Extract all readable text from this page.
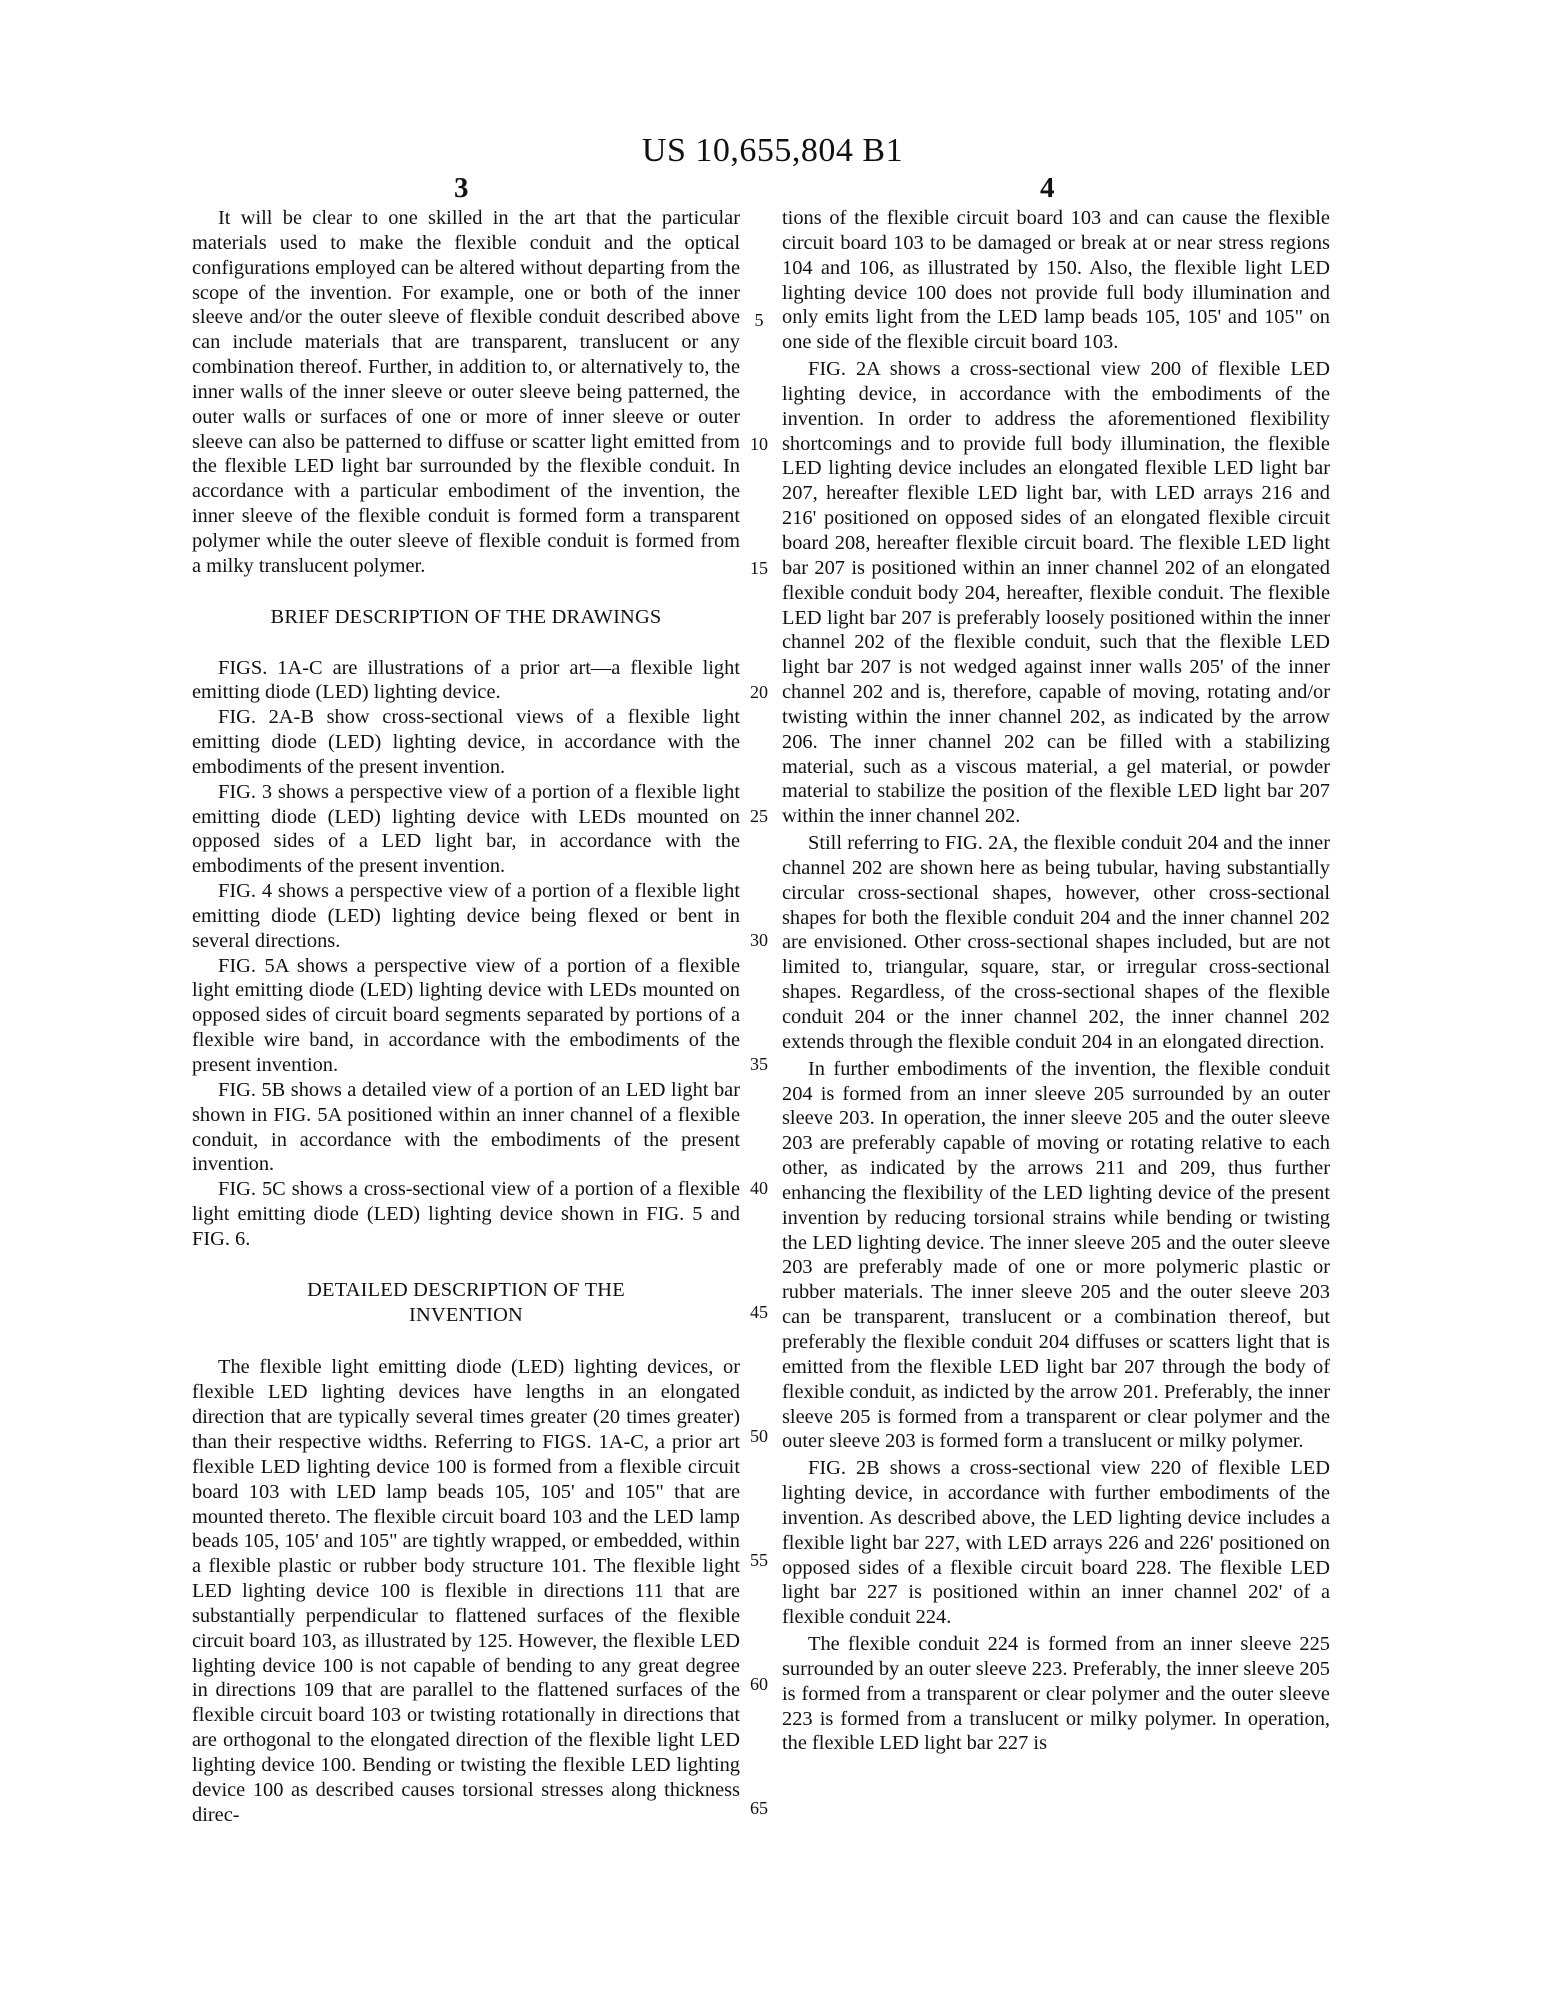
US 10,655,804 B1
3	4

It will be clear to one skilled in the art that the particular materials used to make the flexible conduit and the optical configurations employed can be altered without departing from the scope of the invention. For example, one or both of the inner sleeve and/or the outer sleeve of flexible conduit described above can include materials that are transparent, translucent or any combination thereof. Further, in addition to, or alternatively to, the inner walls of the inner sleeve or outer sleeve being patterned, the outer walls or surfaces of one or more of inner sleeve or outer sleeve can also be patterned to diffuse or scatter light emitted from the flexible LED light bar surrounded by the flexible conduit. In accordance with a particular embodiment of the invention, the inner sleeve of the flexible conduit is formed form a transparent polymer while the outer sleeve of flexible conduit is formed from a milky translucent polymer.

BRIEF DESCRIPTION OF THE DRAWINGS

FIGS. 1A-C are illustrations of a prior art—a flexible light emitting diode (LED) lighting device.

FIG. 2A-B show cross-sectional views of a flexible light emitting diode (LED) lighting device, in accordance with the embodiments of the present invention.

FIG. 3 shows a perspective view of a portion of a flexible light emitting diode (LED) lighting device with LEDs mounted on opposed sides of a LED light bar, in accordance with the embodiments of the present invention.

FIG. 4 shows a perspective view of a portion of a flexible light emitting diode (LED) lighting device being flexed or bent in several directions.

FIG. 5A shows a perspective view of a portion of a flexible light emitting diode (LED) lighting device with LEDs mounted on opposed sides of circuit board segments separated by portions of a flexible wire band, in accordance with the embodiments of the present invention.

FIG. 5B shows a detailed view of a portion of an LED light bar shown in FIG. 5A positioned within an inner channel of a flexible conduit, in accordance with the embodiments of the present invention.

FIG. 5C shows a cross-sectional view of a portion of a flexible light emitting diode (LED) lighting device shown in FIG. 5 and FIG. 6.

DETAILED DESCRIPTION OF THE
INVENTION

The flexible light emitting diode (LED) lighting devices, or flexible LED lighting devices have lengths in an elongated direction that are typically several times greater (20 times greater) than their respective widths. Referring to FIGS. 1A-C, a prior art flexible LED lighting device 100 is formed from a flexible circuit board 103 with LED lamp beads 105, 105' and 105" that are mounted thereto. The flexible circuit board 103 and the LED lamp beads 105, 105' and 105" are tightly wrapped, or embedded, within a flexible plastic or rubber body structure 101. The flexible light LED lighting device 100 is flexible in directions 111 that are substantially perpendicular to flattened surfaces of the flexible circuit board 103, as illustrated by 125. However, the flexible LED lighting device 100 is not capable of bending to any great degree in directions 109 that are parallel to the flattened surfaces of the flexible circuit board 103 or twisting rotationally in directions that are orthogonal to the elongated direction of the flexible light LED lighting device 100. Bending or twisting the flexible LED lighting device 100 as described causes torsional stresses along thickness direc-

5
10
15
20
25
30
35
40
45
50
55
60
65

tions of the flexible circuit board 103 and can cause the flexible circuit board 103 to be damaged or break at or near stress regions 104 and 106, as illustrated by 150. Also, the flexible light LED lighting device 100 does not provide full body illumination and only emits light from the LED lamp beads 105, 105' and 105" on one side of the flexible circuit board 103.

FIG. 2A shows a cross-sectional view 200 of flexible LED lighting device, in accordance with the embodiments of the invention. In order to address the aforementioned flexibility shortcomings and to provide full body illumination, the flexible LED lighting device includes an elongated flexible LED light bar 207, hereafter flexible LED light bar, with LED arrays 216 and 216' positioned on opposed sides of an elongated flexible circuit board 208, hereafter flexible circuit board. The flexible LED light bar 207 is positioned within an inner channel 202 of an elongated flexible conduit body 204, hereafter, flexible conduit. The flexible LED light bar 207 is preferably loosely positioned within the inner channel 202 of the flexible conduit, such that the flexible LED light bar 207 is not wedged against inner walls 205' of the inner channel 202 and is, therefore, capable of moving, rotating and/or twisting within the inner channel 202, as indicated by the arrow 206. The inner channel 202 can be filled with a stabilizing material, such as a viscous material, a gel material, or powder material to stabilize the position of the flexible LED light bar 207 within the inner channel 202.

Still referring to FIG. 2A, the flexible conduit 204 and the inner channel 202 are shown here as being tubular, having substantially circular cross-sectional shapes, however, other cross-sectional shapes for both the flexible conduit 204 and the inner channel 202 are envisioned. Other cross-sectional shapes included, but are not limited to, triangular, square, star, or irregular cross-sectional shapes. Regardless, of the cross-sectional shapes of the flexible conduit 204 or the inner channel 202, the inner channel 202 extends through the flexible conduit 204 in an elongated direction.

In further embodiments of the invention, the flexible conduit 204 is formed from an inner sleeve 205 surrounded by an outer sleeve 203. In operation, the inner sleeve 205 and the outer sleeve 203 are preferably capable of moving or rotating relative to each other, as indicated by the arrows 211 and 209, thus further enhancing the flexibility of the LED lighting device of the present invention by reducing torsional strains while bending or twisting the LED lighting device. The inner sleeve 205 and the outer sleeve 203 are preferably made of one or more polymeric plastic or rubber materials. The inner sleeve 205 and the outer sleeve 203 can be transparent, translucent or a combination thereof, but preferably the flexible conduit 204 diffuses or scatters light that is emitted from the flexible LED light bar 207 through the body of flexible conduit, as indicted by the arrow 201. Preferably, the inner sleeve 205 is formed from a transparent or clear polymer and the outer sleeve 203 is formed form a translucent or milky polymer.

FIG. 2B shows a cross-sectional view 220 of flexible LED lighting device, in accordance with further embodiments of the invention. As described above, the LED lighting device includes a flexible light bar 227, with LED arrays 226 and 226' positioned on opposed sides of a flexible circuit board 228. The flexible LED light bar 227 is positioned within an inner channel 202' of a flexible conduit 224.

The flexible conduit 224 is formed from an inner sleeve 225 surrounded by an outer sleeve 223. Preferably, the inner sleeve 205 is formed from a transparent or clear polymer and the outer sleeve 223 is formed from a translucent or milky polymer. In operation, the flexible LED light bar 227 is
